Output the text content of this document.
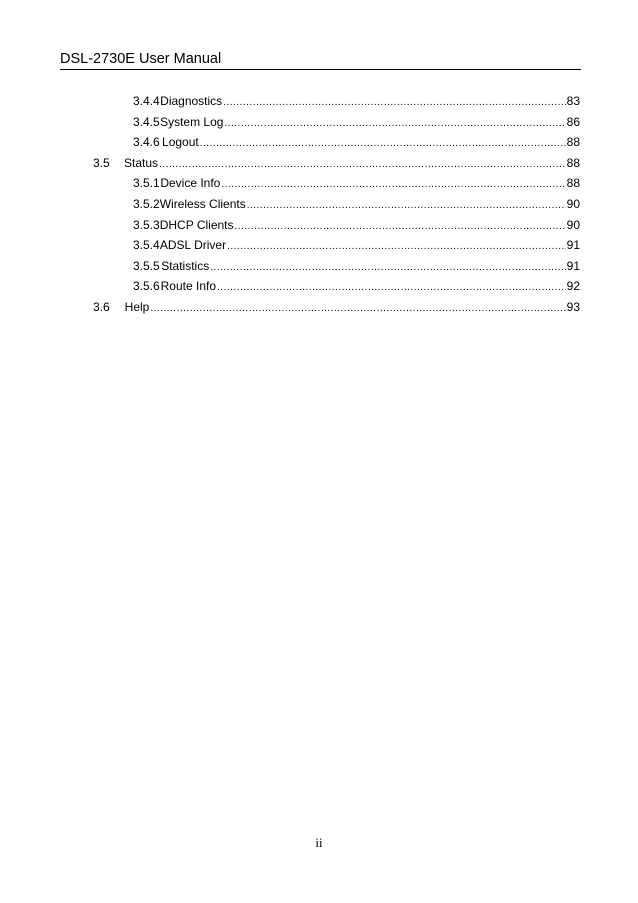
DSL-2730E User Manual
3.4.4 Diagnostics .....	83
3.4.5 System Log .....	86
3.4.6 Logout .....	88
3.5	Status .....	88
3.5.1 Device Info .....	88
3.5.2 Wireless Clients .....	90
3.5.3 DHCP Clients .....	90
3.5.4 ADSL Driver .....	91
3.5.5 Statistics .....	91
3.5.6 Route Info .....	92
3.6	Help .....	93
ii
